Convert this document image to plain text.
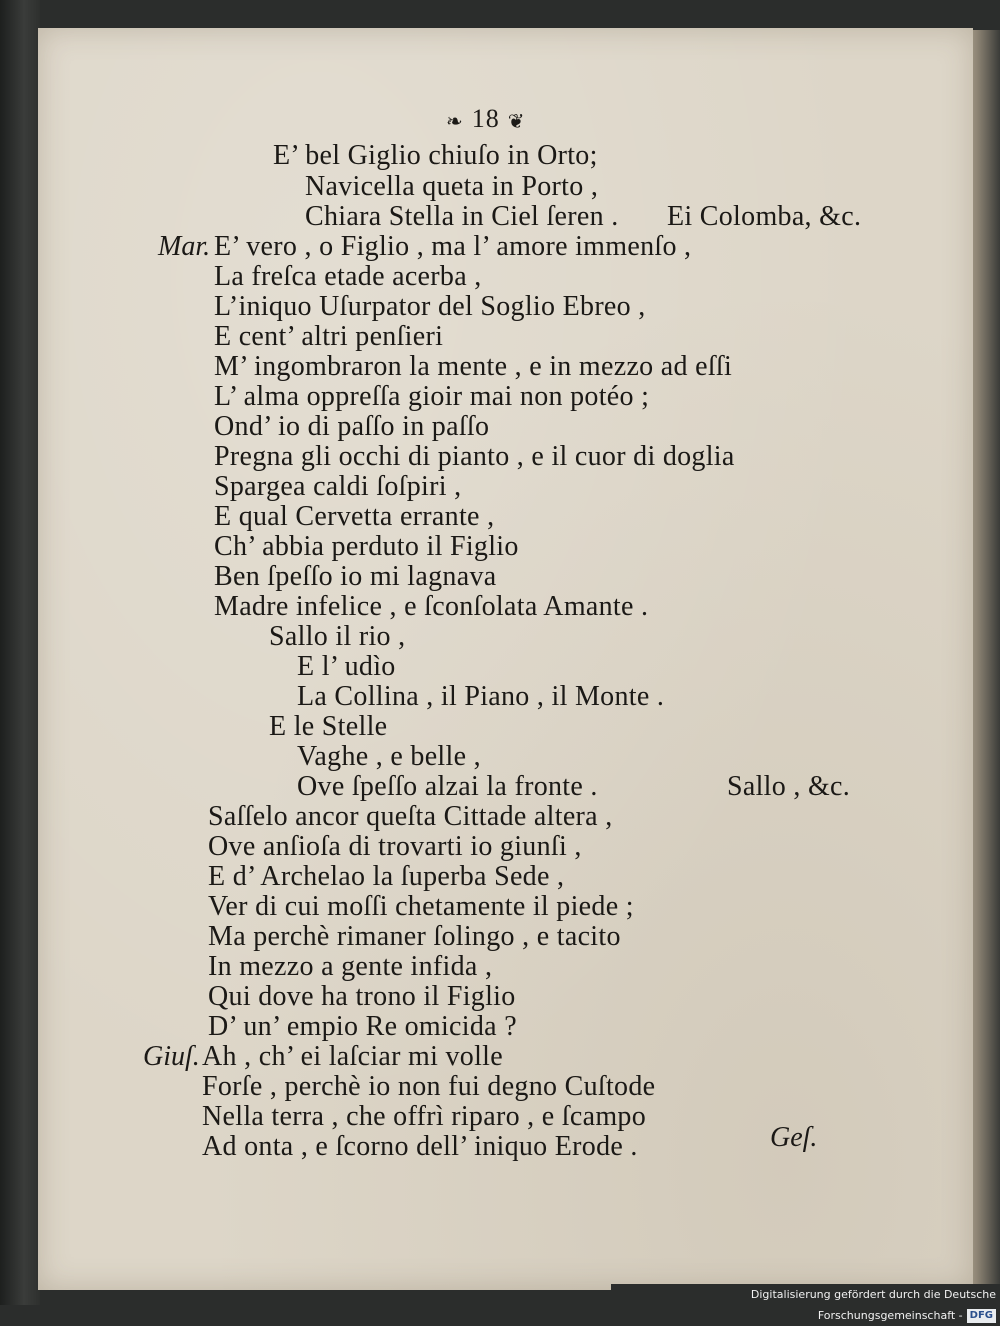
❧ 18 ❦
E’ bel Giglio chiuſo in Orto;
Navicella queta in Porto ,
Chiara Stella in Ciel ſeren . Ei Colomba, &c.
Mar. E’ vero , o Figlio , ma l’ amore immenſo ,
La freſca etade acerba ,
L’iniquo Uſurpator del Soglio Ebreo ,
E cent’ altri penſieri
M’ ingombraron la mente , e in mezzo ad eſſi
L’ alma oppreſſa gioir mai non potéo ;
Ond’ io di paſſo in paſſo
Pregna gli occhi di pianto , e il cuor di doglia
Spargea caldi ſoſpiri ,
E qual Cervetta errante ,
Ch’ abbia perduto il Figlio
Ben ſpeſſo io mi lagnava
Madre infelice , e ſconſolata Amante .
Sallo il rio ,
E l’ udìo
La Collina , il Piano , il Monte .
E le Stelle
Vaghe , e belle ,
Ove ſpeſſo alzai la fronte .	Sallo , &c.
Saſſelo ancor queſta Cittade altera ,
Ove anſioſa di trovarti io giunſi ,
E d’ Archelao la ſuperba Sede ,
Ver di cui moſſi chetamente il piede ;
Ma perchè rimaner ſolingo , e tacito
In mezzo a gente infida ,
Qui dove ha trono il Figlio
D’ un’ empio Re omicida ?
Giuſ. Ah , ch’ ei laſciar mi volle
Forſe , perchè io non fui degno Cuſtode
Nella terra , che offrì riparo , e ſcampo
Ad onta , e ſcorno dell’ iniquo Erode .	Geſ.
Digitalisierung gefördert durch die Deutsche Forschungsgemeinschaft - DFG
